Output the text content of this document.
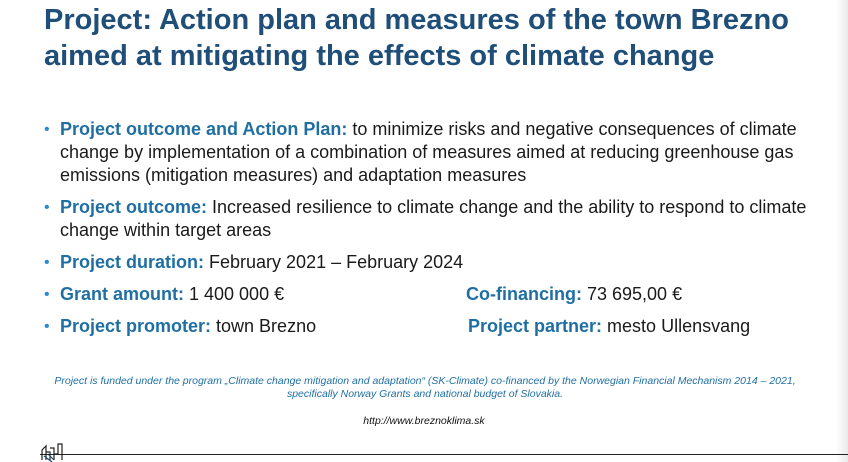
Project: Action plan and measures of the town Brezno aimed at mitigating the effects of climate change
• Project outcome and Action Plan: to minimize risks and negative consequences of climate change by implementation of a combination of measures aimed at reducing greenhouse gas emissions (mitigation measures) and adaptation measures
• Project outcome: Increased resilience to climate change and the ability to respond to climate change within target areas
• Project duration: February 2021 – February 2024
• Grant amount: 1 400 000 €	Co-financing: 73 695,00 €
• Project promoter: town Brezno	Project partner: mesto Ullensvang

Project is funded under the program „Climate change mitigation and adaptation“ (SK-Climate) co-financed by the Norwegian Financial Mechanism 2014 – 2021, specifically Norway Grants and national budget of Slovakia.

http://www.breznoklima.sk
